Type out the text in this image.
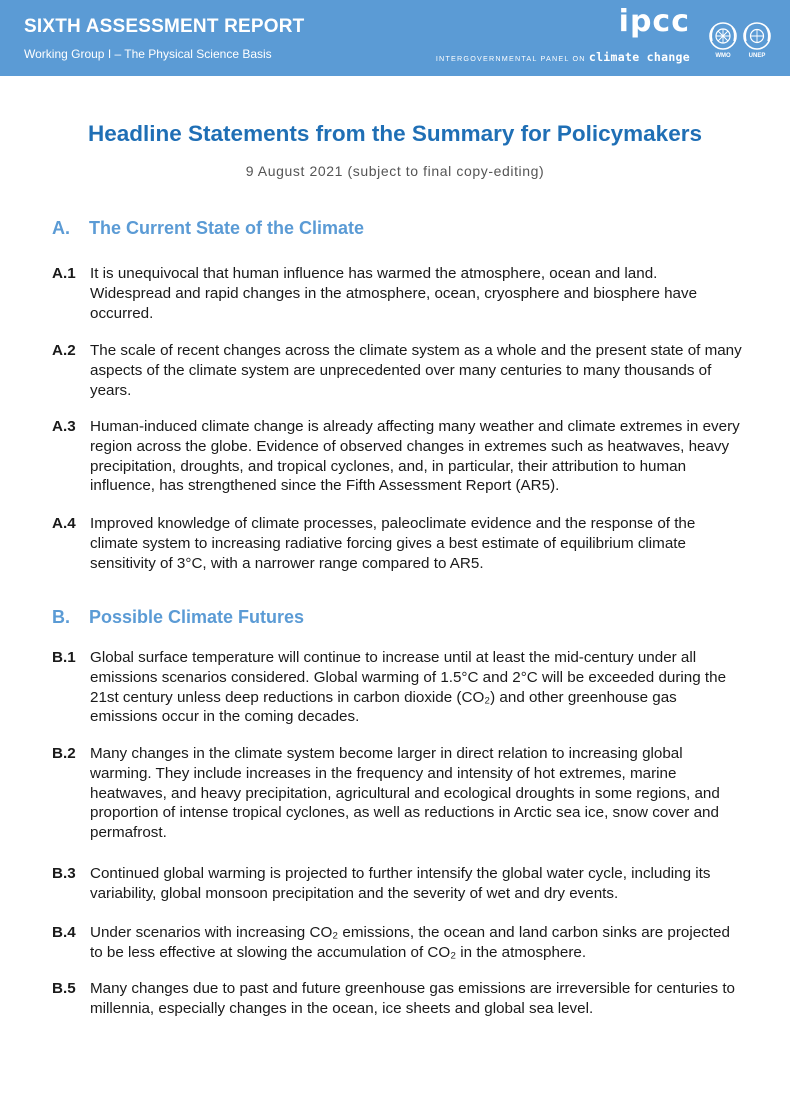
SIXTH ASSESSMENT REPORT
Working Group I – The Physical Science Basis
ipcc
INTERGOVERNMENTAL PANEL ON climate change	WMO	UNEP
Headline Statements from the Summary for Policymakers
9 August 2021 (subject to final copy-editing)
A. The Current State of the Climate
A.1 It is unequivocal that human influence has warmed the atmosphere, ocean and land. Widespread and rapid changes in the atmosphere, ocean, cryosphere and biosphere have occurred.
A.2 The scale of recent changes across the climate system as a whole and the present state of many aspects of the climate system are unprecedented over many centuries to many thousands of years.
A.3 Human-induced climate change is already affecting many weather and climate extremes in every region across the globe. Evidence of observed changes in extremes such as heatwaves, heavy precipitation, droughts, and tropical cyclones, and, in particular, their attribution to human influence, has strengthened since the Fifth Assessment Report (AR5).
A.4 Improved knowledge of climate processes, paleoclimate evidence and the response of the climate system to increasing radiative forcing gives a best estimate of equilibrium climate sensitivity of 3°C, with a narrower range compared to AR5.
B. Possible Climate Futures
B.1 Global surface temperature will continue to increase until at least the mid-century under all emissions scenarios considered. Global warming of 1.5°C and 2°C will be exceeded during the 21st century unless deep reductions in carbon dioxide (CO₂) and other greenhouse gas emissions occur in the coming decades.
B.2 Many changes in the climate system become larger in direct relation to increasing global warming. They include increases in the frequency and intensity of hot extremes, marine heatwaves, and heavy precipitation, agricultural and ecological droughts in some regions, and proportion of intense tropical cyclones, as well as reductions in Arctic sea ice, snow cover and permafrost.
B.3 Continued global warming is projected to further intensify the global water cycle, including its variability, global monsoon precipitation and the severity of wet and dry events.
B.4 Under scenarios with increasing CO₂ emissions, the ocean and land carbon sinks are projected to be less effective at slowing the accumulation of CO₂ in the atmosphere.
B.5 Many changes due to past and future greenhouse gas emissions are irreversible for centuries to millennia, especially changes in the ocean, ice sheets and global sea level.
